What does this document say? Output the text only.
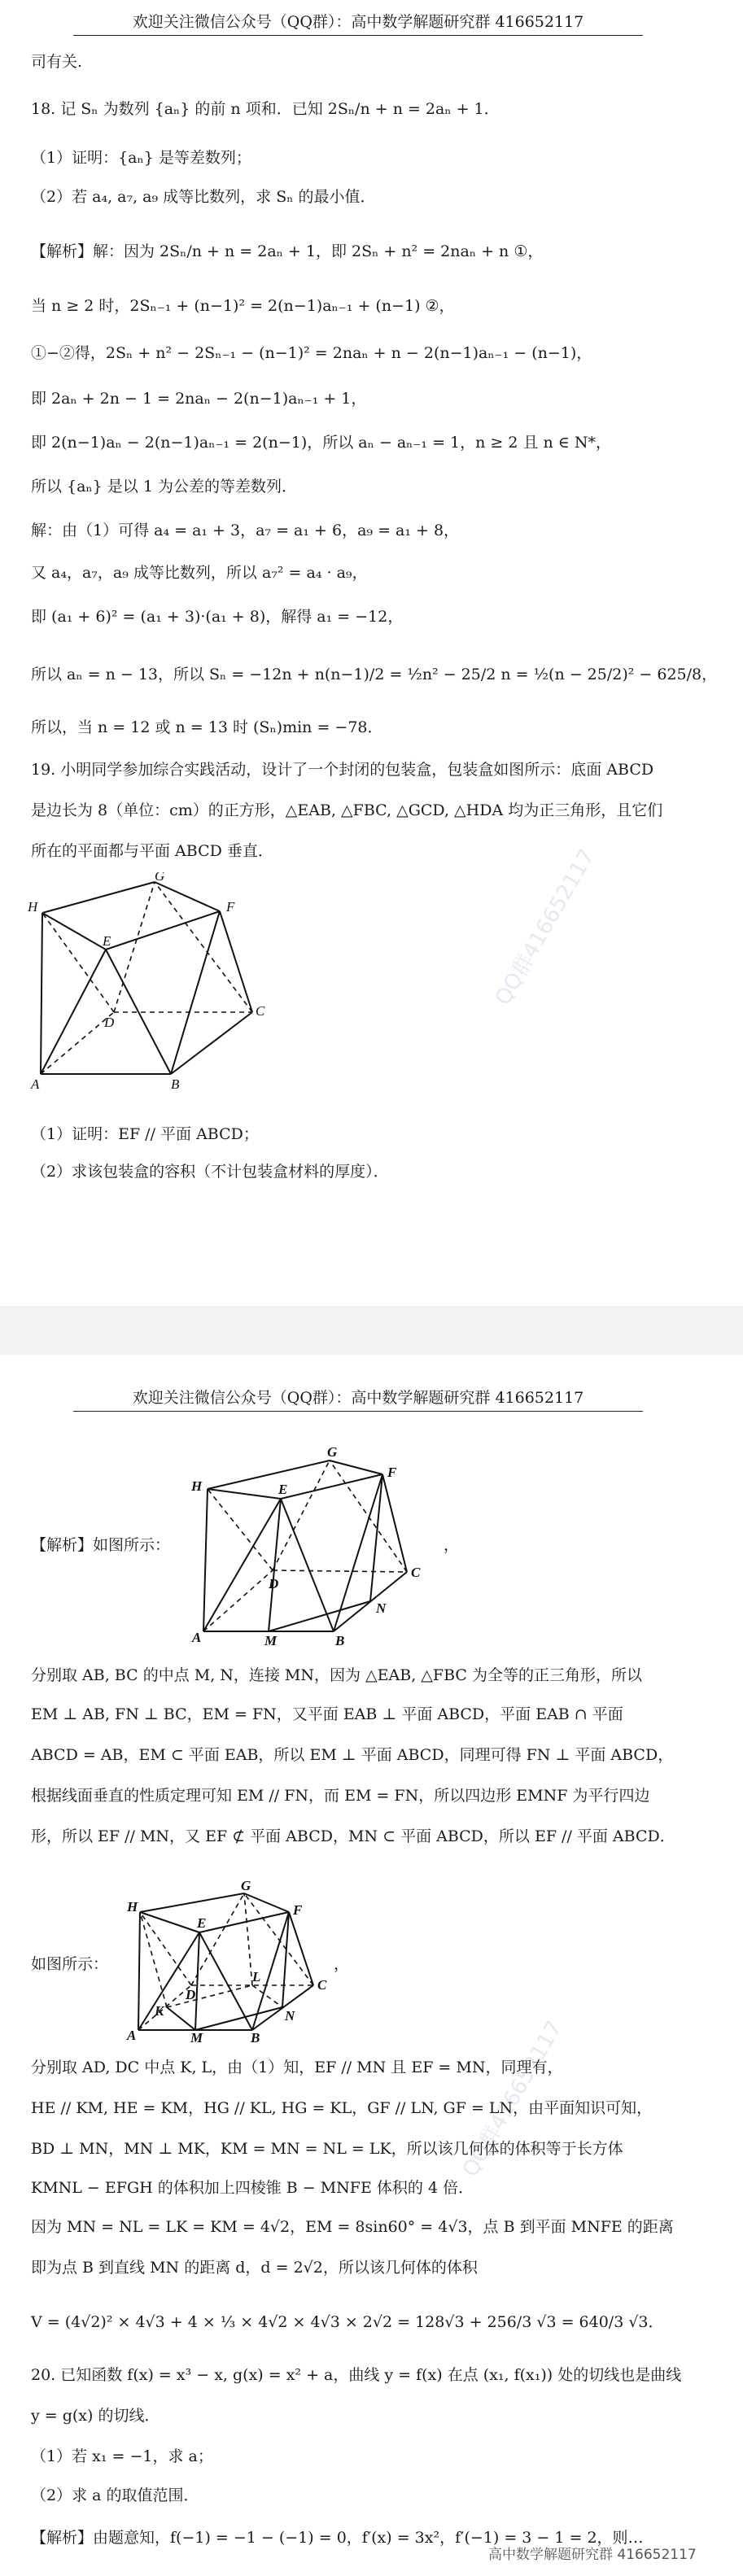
欢迎关注微信公众号（QQ群）：高中数学解题研究群 416652117
司有关.
18. 记 Sₙ 为数列 {aₙ} 的前 n 项和．已知 2Sₙ/n + n = 2aₙ + 1．
（1）证明：{aₙ} 是等差数列；
（2）若 a₄, a₇, a₉ 成等比数列，求 Sₙ 的最小值．
【解析】解：因为 2Sₙ/n + n = 2aₙ + 1，即 2Sₙ + n² = 2naₙ + n ①，
当 n ≥ 2 时，2Sₙ₋₁ + (n−1)² = 2(n−1)aₙ₋₁ + (n−1) ②，
①−②得，2Sₙ + n² − 2Sₙ₋₁ − (n−1)² = 2naₙ + n − 2(n−1)aₙ₋₁ − (n−1)，
即 2aₙ + 2n − 1 = 2naₙ − 2(n−1)aₙ₋₁ + 1，
即 2(n−1)aₙ − 2(n−1)aₙ₋₁ = 2(n−1)，所以 aₙ − aₙ₋₁ = 1，n ≥ 2 且 n ∈ N*，
所以 {aₙ} 是以 1 为公差的等差数列．
解：由（1）可得 a₄ = a₁ + 3，a₇ = a₁ + 6，a₉ = a₁ + 8，
又 a₄，a₇，a₉ 成等比数列，所以 a₇² = a₄ · a₉，
即 (a₁ + 6)² = (a₁ + 3)·(a₁ + 8)，解得 a₁ = −12，
所以 aₙ = n − 13，所以 Sₙ = −12n + n(n−1)/2 = ½n² − 25/2 n = ½(n − 25/2)² − 625/8，
所以，当 n = 12 或 n = 13 时 (Sₙ)min = −78．
19. 小明同学参加综合实践活动，设计了一个封闭的包装盒，包装盒如图所示：底面 ABCD
是边长为 8（单位：cm）的正方形，△EAB, △FBC, △GCD, △HDA 均为正三角形，且它们
所在的平面都与平面 ABCD 垂直．
H
G
F
E
D
C
A	B
（1）证明：EF // 平面 ABCD；
（2）求该包装盒的容积（不计包装盒材料的厚度）．
欢迎关注微信公众号（QQ群）：高中数学解题研究群 416652117
【解析】如图所示：
H
G
F
E
D
C
A	M	B
N
，
分别取 AB, BC 的中点 M, N，连接 MN，因为 △EAB, △FBC 为全等的正三角形，所以
EM ⊥ AB, FN ⊥ BC，EM = FN，又平面 EAB ⊥ 平面 ABCD，平面 EAB ∩ 平面
ABCD = AB，EM ⊂ 平面 EAB，所以 EM ⊥ 平面 ABCD，同理可得 FN ⊥ 平面 ABCD，
根据线面垂直的性质定理可知 EM // FN，而 EM = FN，所以四边形 EMNF 为平行四边
形，所以 EF // MN，又 EF ⊄ 平面 ABCD，MN ⊂ 平面 ABCD，所以 EF // 平面 ABCD．
如图所示：
H
G
F
E
D
L
C
K
A	M	B
N
，
分别取 AD, DC 中点 K, L，由（1）知，EF // MN 且 EF = MN，同理有，
HE // KM, HE = KM，HG // KL, HG = KL，GF // LN, GF = LN，由平面知识可知，
BD ⊥ MN，MN ⊥ MK，KM = MN = NL = LK，所以该几何体的体积等于长方体
KMNL − EFGH 的体积加上四棱锥 B − MNFE 体积的 4 倍．
因为 MN = NL = LK = KM = 4√2，EM = 8sin60° = 4√3，点 B 到平面 MNFE 的距离
即为点 B 到直线 MN 的距离 d，d = 2√2，所以该几何体的体积
V = (4√2)² × 4√3 + 4 × ⅓ × 4√2 × 4√3 × 2√2 = 128√3 + 256/3 √3 = 640/3 √3．
20. 已知函数 f(x) = x³ − x, g(x) = x² + a，曲线 y = f(x) 在点 (x₁, f(x₁)) 处的切线也是曲线
y = g(x) 的切线．
（1）若 x₁ = −1，求 a；
（2）求 a 的取值范围．
【解析】由题意知，f(−1) = −1 − (−1) = 0，f′(x) = 3x²，f′(−1) = 3 − 1 = 2，则…
QQ群416652117
QQ群416652117
高中数学解题研究群 416652117
